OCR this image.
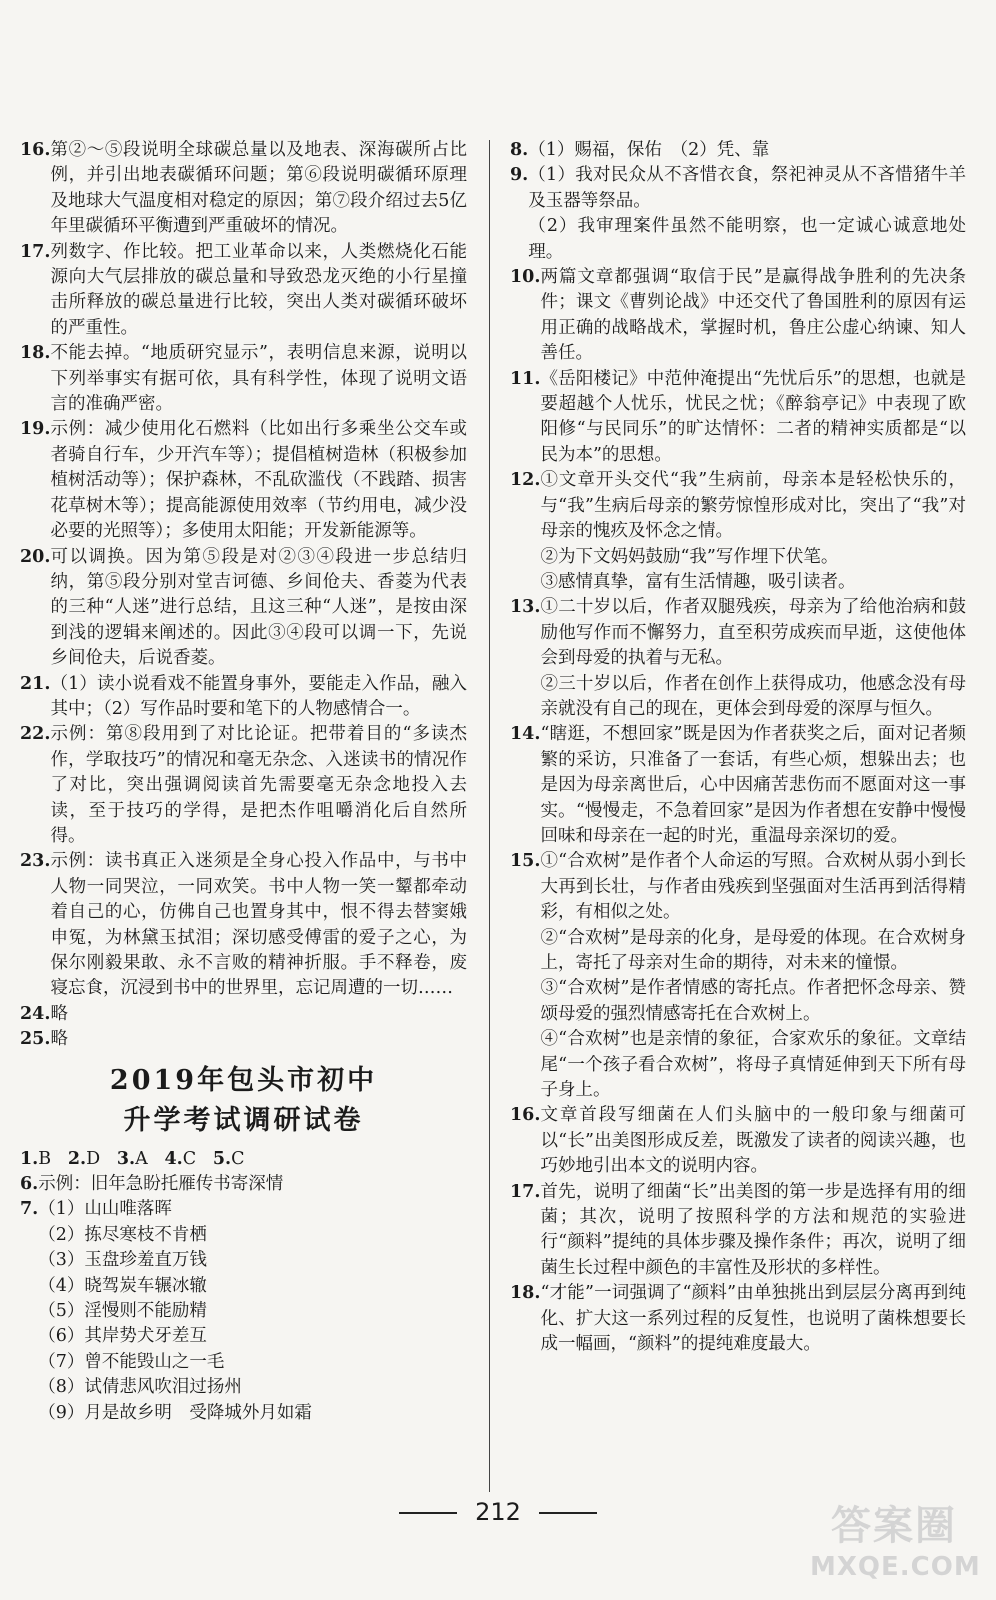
16. 第②～⑤段说明全球碳总量以及地表、深海碳所占比例，并引出地表碳循环问题；第⑥段说明碳循环原理及地球大气温度相对稳定的原因；第⑦段介绍过去5亿年里碳循环平衡遭到严重破坏的情况。
17. 列数字、作比较。把工业革命以来，人类燃烧化石能源向大气层排放的碳总量和导致恐龙灭绝的小行星撞击所释放的碳总量进行比较，突出人类对碳循环破坏的严重性。
18. 不能去掉。“地质研究显示”，表明信息来源，说明以下列举事实有据可依，具有科学性，体现了说明文语言的准确严密。
19. 示例：减少使用化石燃料（比如出行多乘坐公交车或者骑自行车，少开汽车等）；提倡植树造林（积极参加植树活动等）；保护森林，不乱砍滥伐（不践踏、损害花草树木等）；提高能源使用效率（节约用电，减少没必要的光照等）；多使用太阳能；开发新能源等。
20. 可以调换。因为第⑤段是对②③④段进一步总结归纳，第⑤段分别对堂吉诃德、乡间伧夫、香菱为代表的三种“人迷”进行总结，且这三种“人迷”，是按由深到浅的逻辑来阐述的。因此③④段可以调一下，先说乡间伧夫，后说香菱。
21. （1）读小说看戏不能置身事外，要能走入作品，融入其中；（2）写作品时要和笔下的人物感情合一。
22. 示例：第⑧段用到了对比论证。把带着目的“多读杰作，学取技巧”的情况和毫无杂念、入迷读书的情况作了对比，突出强调阅读首先需要毫无杂念地投入去读，至于技巧的学得，是把杰作咀嚼消化后自然所得。
23. 示例：读书真正入迷须是全身心投入作品中，与书中人物一同哭泣，一同欢笑。书中人物一笑一颦都牵动着自己的心，仿佛自己也置身其中，恨不得去替窦娥申冤，为林黛玉拭泪；深切感受傅雷的爱子之心，为保尔刚毅果敢、永不言败的精神折服。手不释卷，废寝忘食，沉浸到书中的世界里，忘记周遭的一切……
24. 略
25. 略
2019年包头市初中
升学考试调研试卷
1.B 2.D 3.A 4.C 5.C
6. 示例：旧年急盼托雁传书寄深情
7. （1）山山唯落晖
（2）拣尽寒枝不肯栖
（3）玉盘珍羞直万钱
（4）晓驾炭车辗冰辙
（5）淫慢则不能励精
（6）其岸势犬牙差互
（7）曾不能毁山之一毛
（8）试倩悲风吹泪过扬州
（9）月是故乡明　受降城外月如霜
8. （1）赐福，保佑　（2）凭、靠
9. （1）我对民众从不吝惜衣食，祭祀神灵从不吝惜猪牛羊及玉器等祭品。
（2）我审理案件虽然不能明察，也一定诚心诚意地处理。
10. 两篇文章都强调“取信于民”是赢得战争胜利的先决条件；课文《曹刿论战》中还交代了鲁国胜利的原因有运用正确的战略战术，掌握时机，鲁庄公虚心纳谏、知人善任。
11. 《岳阳楼记》中范仲淹提出“先忧后乐”的思想，也就是要超越个人忧乐，忧民之忧；《醉翁亭记》中表现了欧阳修“与民同乐”的旷达情怀：二者的精神实质都是“以民为本”的思想。
12. ①文章开头交代“我”生病前，母亲本是轻松快乐的，与“我”生病后母亲的繁劳惊惶形成对比，突出了“我”对母亲的愧疚及怀念之情。
②为下文妈妈鼓励“我”写作埋下伏笔。
③感情真挚，富有生活情趣，吸引读者。
13. ①二十岁以后，作者双腿残疾，母亲为了给他治病和鼓励他写作而不懈努力，直至积劳成疾而早逝，这使他体会到母爱的执着与无私。
②三十岁以后，作者在创作上获得成功，他感念没有母亲就没有自己的现在，更体会到母爱的深厚与恒久。
14. “瞎逛，不想回家”既是因为作者获奖之后，面对记者频繁的采访，只准备了一套话，有些心烦，想躲出去；也是因为母亲离世后，心中因痛苦悲伤而不愿面对这一事实。“慢慢走，不急着回家”是因为作者想在安静中慢慢回味和母亲在一起的时光，重温母亲深切的爱。
15. ①“合欢树”是作者个人命运的写照。合欢树从弱小到长大再到长壮，与作者由残疾到坚强面对生活再到活得精彩，有相似之处。
②“合欢树”是母亲的化身，是母爱的体现。在合欢树身上，寄托了母亲对生命的期待，对未来的憧憬。
③“合欢树”是作者情感的寄托点。作者把怀念母亲、赞颂母爱的强烈情感寄托在合欢树上。
④“合欢树”也是亲情的象征，合家欢乐的象征。文章结尾“一个孩子看合欢树”，将母子真情延伸到天下所有母子身上。
16. 文章首段写细菌在人们头脑中的一般印象与细菌可以“长”出美图形成反差，既激发了读者的阅读兴趣，也巧妙地引出本文的说明内容。
17. 首先，说明了细菌“长”出美图的第一步是选择有用的细菌；其次，说明了按照科学的方法和规范的实验进行“颜料”提纯的具体步骤及操作条件；再次，说明了细菌生长过程中颜色的丰富性及形状的多样性。
18. “才能”一词强调了“颜料”由单独挑出到层层分离再到纯化、扩大这一系列过程的反复性，也说明了菌株想要长成一幅画，“颜料”的提纯难度最大。
212	答案圈
MXQE.COM
